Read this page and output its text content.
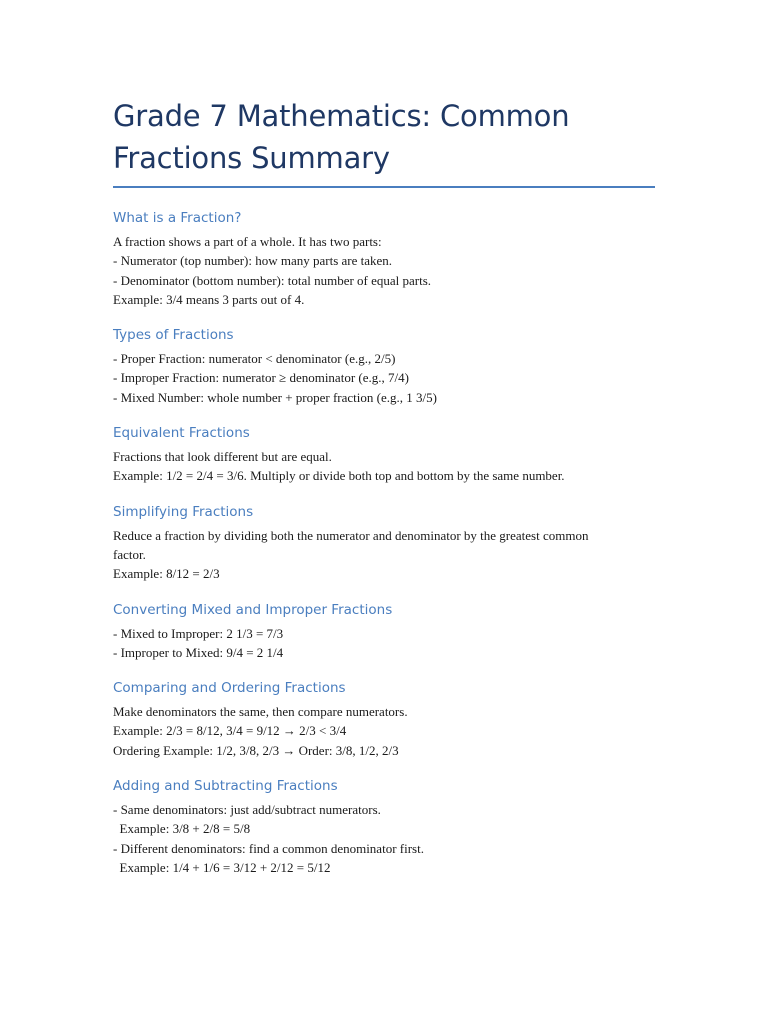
Grade 7 Mathematics: Common Fractions Summary
What is a Fraction?
A fraction shows a part of a whole. It has two parts:
- Numerator (top number): how many parts are taken.
- Denominator (bottom number): total number of equal parts.
Example: 3/4 means 3 parts out of 4.
Types of Fractions
- Proper Fraction: numerator < denominator (e.g., 2/5)
- Improper Fraction: numerator ≥ denominator (e.g., 7/4)
- Mixed Number: whole number + proper fraction (e.g., 1 3/5)
Equivalent Fractions
Fractions that look different but are equal.
Example: 1/2 = 2/4 = 3/6. Multiply or divide both top and bottom by the same number.
Simplifying Fractions
Reduce a fraction by dividing both the numerator and denominator by the greatest common
factor.
Example: 8/12 = 2/3
Converting Mixed and Improper Fractions
- Mixed to Improper: 2 1/3 = 7/3
- Improper to Mixed: 9/4 = 2 1/4
Comparing and Ordering Fractions
Make denominators the same, then compare numerators.
Example: 2/3 = 8/12, 3/4 = 9/12 → 2/3 < 3/4
Ordering Example: 1/2, 3/8, 2/3 → Order: 3/8, 1/2, 2/3
Adding and Subtracting Fractions
- Same denominators: just add/subtract numerators.
Example: 3/8 + 2/8 = 5/8
- Different denominators: find a common denominator first.
Example: 1/4 + 1/6 = 3/12 + 2/12 = 5/12
